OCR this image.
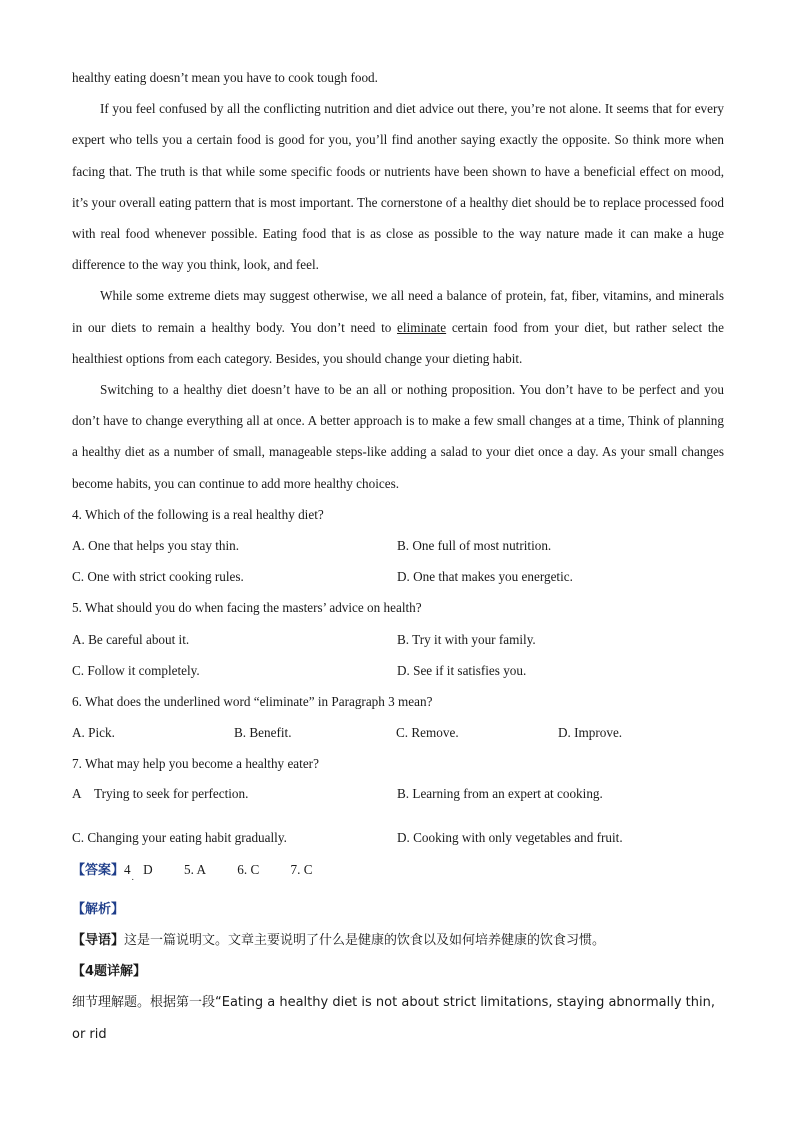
healthy eating doesn’t mean you have to cook tough food.

If you feel confused by all the conflicting nutrition and diet advice out there, you’re not alone. It seems that for every expert who tells you a certain food is good for you, you’ll find another saying exactly the opposite. So think more when facing that. The truth is that while some specific foods or nutrients have been shown to have a beneficial effect on mood, it’s your overall eating pattern that is most important. The cornerstone of a healthy diet should be to replace processed food with real food whenever possible. Eating food that is as close as possible to the way nature made it can make a huge difference to the way you think, look, and feel.

While some extreme diets may suggest otherwise, we all need a balance of protein, fat, fiber, vitamins, and minerals in our diets to remain a healthy body. You don’t need to eliminate certain food from your diet, but rather select the healthiest options from each category. Besides, you should change your dieting habit.

Switching to a healthy diet doesn’t have to be an all or nothing proposition. You don’t have to be perfect and you don’t have to change everything all at once. A better approach is to make a few small changes at a time, Think of planning a healthy diet as a number of small, manageable steps-like adding a salad to your diet once a day. As your small changes become habits, you can continue to add more healthy choices.

4. Which of the following is a real healthy diet?

A. One that helps you stay thin.	B. One full of most nutrition.
C. One with strict cooking rules.	D. One that makes you energetic.

5. What should you do when facing the masters’ advice on health?

A. Be careful about it.	B. Try it with your family.
C. Follow it completely.	D. See if it satisfies you.

6. What does the underlined word “eliminate” in Paragraph 3 mean?

A. Pick.	B. Benefit.	C. Remove.	D. Improve.

7. What may help you become a healthy eater?

A　Trying to seek for perfection.	B. Learning from an expert at cooking.
C. Changing your eating habit gradually.	D. Cooking with only vegetables and fruit.

【答案】$4_.$ D 5. A 6. C 7. C

【解析】

【导语】这是一篇说明文。文章主要说明了什么是健康的饮食以及如何培养健康的饮食习惯。

【4题详解】

细节理解题。根据第一段“Eating a healthy diet is not about strict limitations, staying abnormally thin, or rid
